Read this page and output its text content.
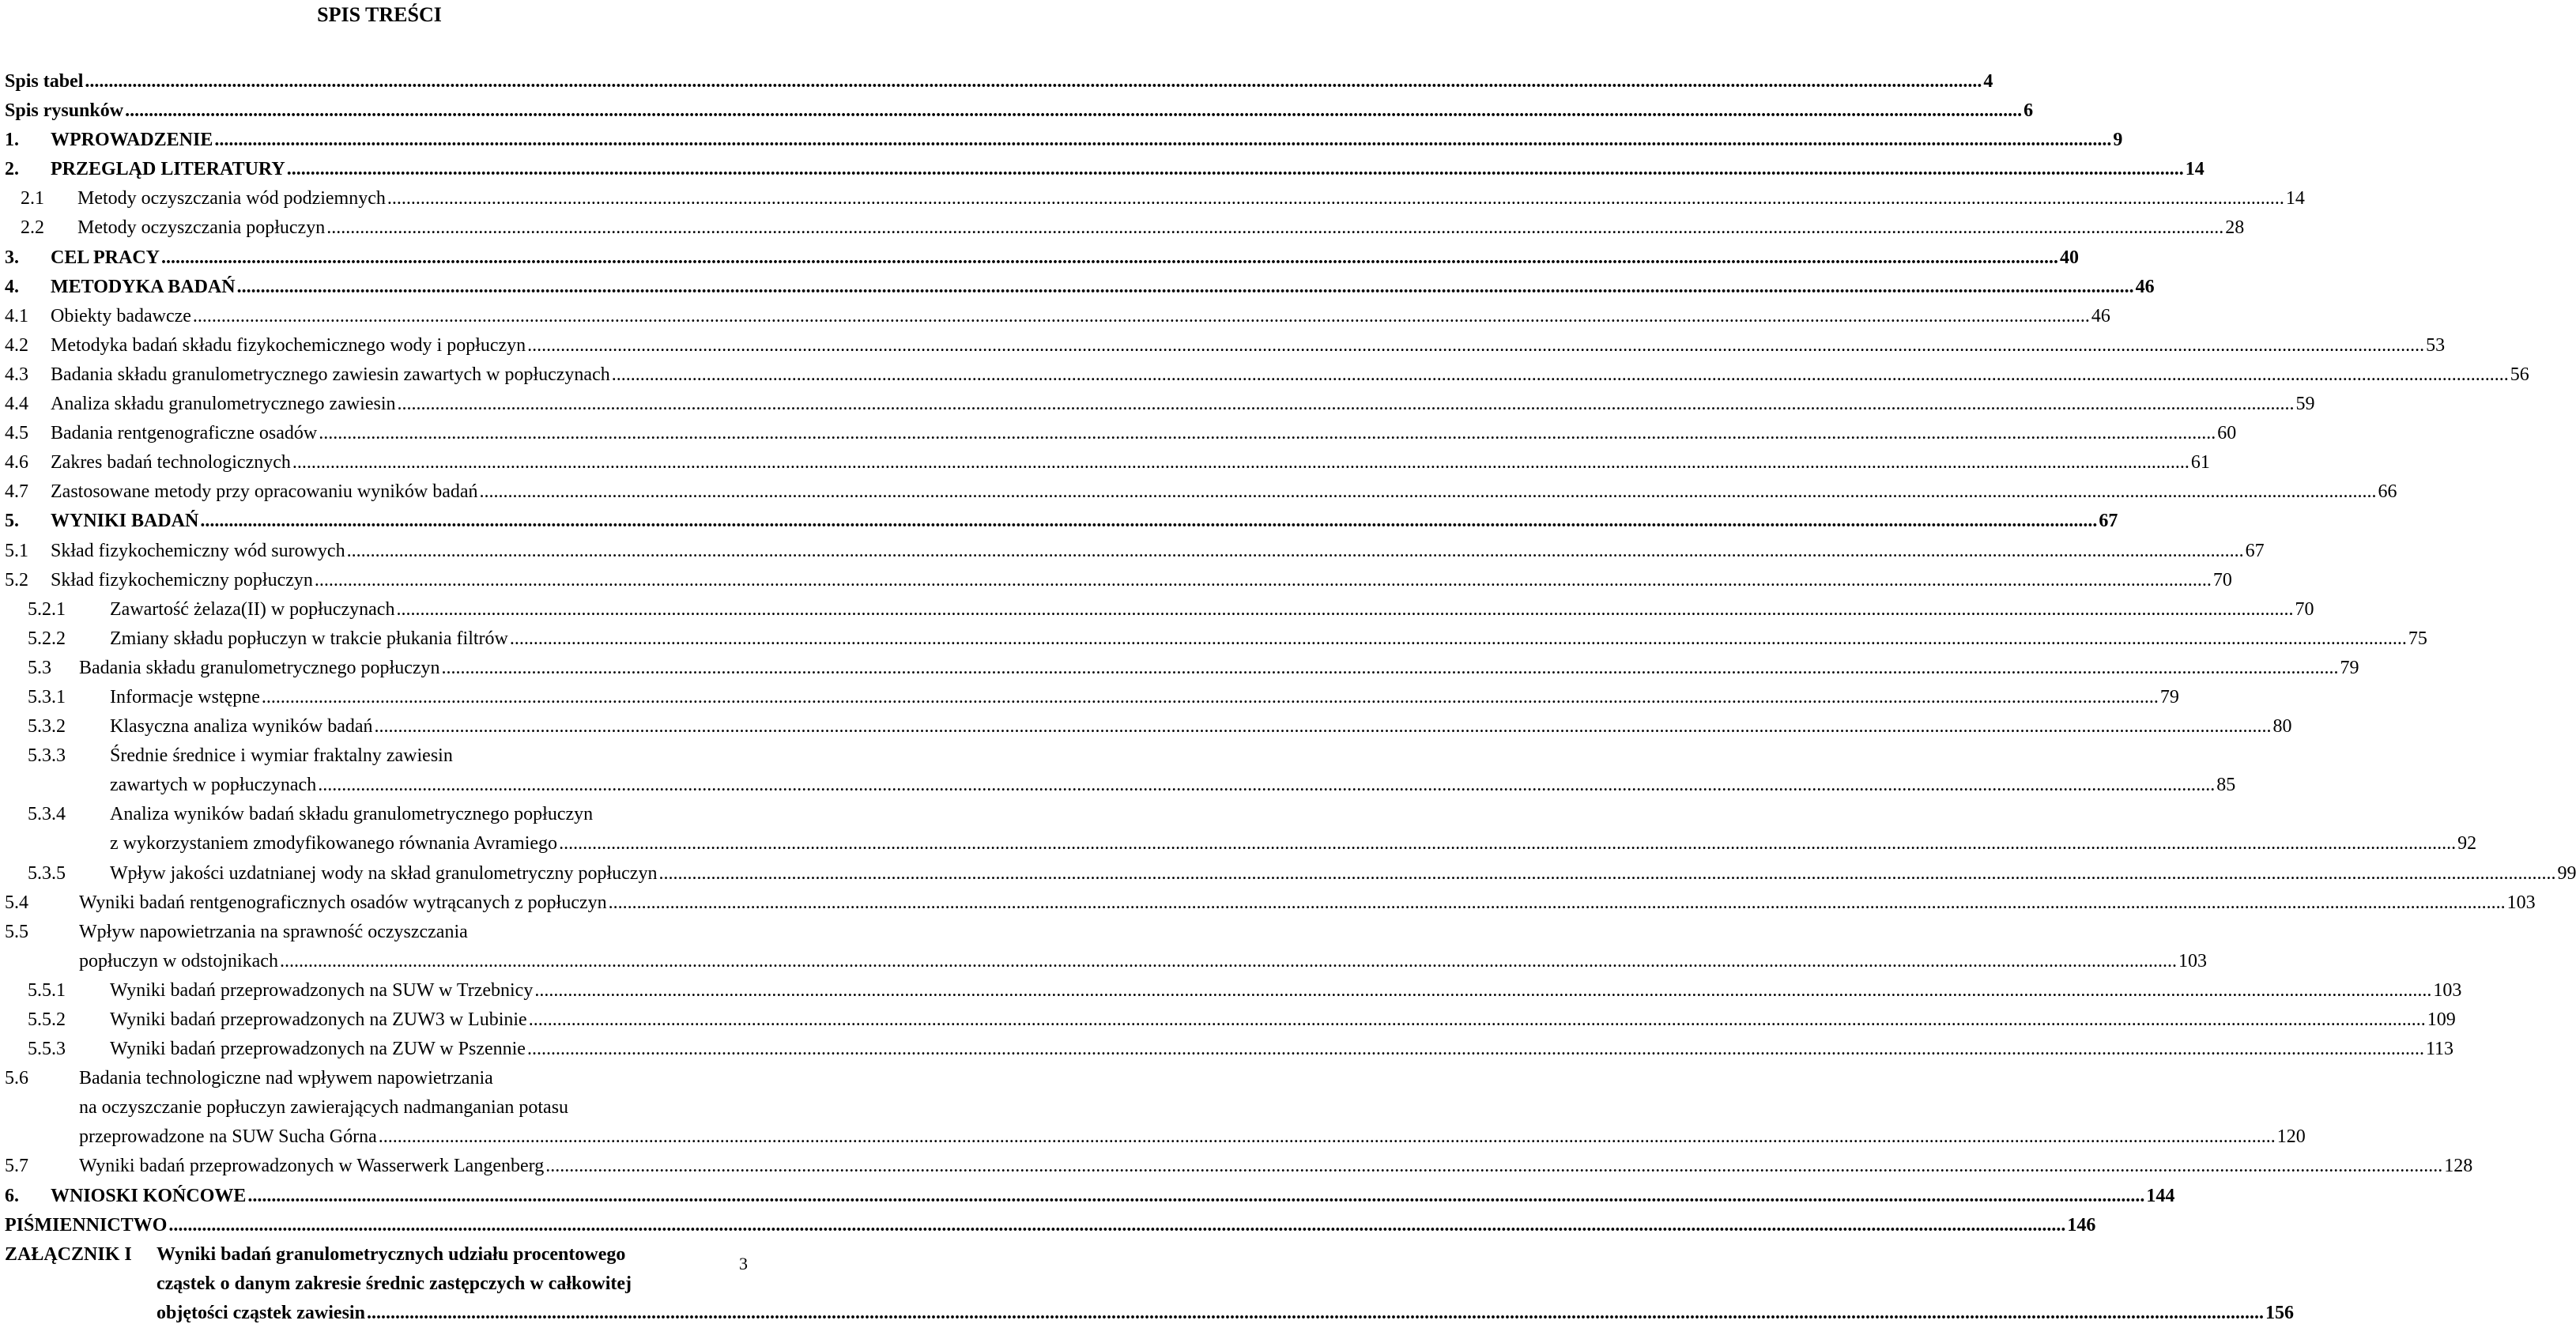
SPIS TREŚCI
Spis tabel ................................................................................................................................................................................................................................................................................................................................................................................................................ 4
Spis rysunków ................................................................................................................................................................................................................................................................................................................................................................................................................ 6
1. WPROWADZENIE ................................................................................................................................................................................................................................................................................................................................................................................................................ 9
2. PRZEGLĄD LITERATURY ................................................................................................................................................................................................................................................................................................................................................................................................................ 14
2.1 Metody oczyszczania wód podziemnych ................................................................................................................................................................................................................................................................................................................................................................................................................ 14
2.2 Metody oczyszczania popłuczyn ................................................................................................................................................................................................................................................................................................................................................................................................................ 28
3. CEL PRACY ................................................................................................................................................................................................................................................................................................................................................................................................................ 40
4. METODYKA BADAŃ ................................................................................................................................................................................................................................................................................................................................................................................................................ 46
4.1 Obiekty badawcze ................................................................................................................................................................................................................................................................................................................................................................................................................ 46
4.2 Metodyka badań składu fizykochemicznego wody i popłuczyn ................................................................................................................................................................................................................................................................................................................................................................................................................ 53
4.3 Badania składu granulometrycznego zawiesin zawartych w popłuczynach ................................................................................................................................................................................................................................................................................................................................................................................................................ 56
4.4 Analiza składu granulometrycznego zawiesin ................................................................................................................................................................................................................................................................................................................................................................................................................ 59
4.5 Badania rentgenograficzne osadów ................................................................................................................................................................................................................................................................................................................................................................................................................ 60
4.6 Zakres badań technologicznych ................................................................................................................................................................................................................................................................................................................................................................................................................ 61
4.7 Zastosowane metody przy opracowaniu wyników badań ................................................................................................................................................................................................................................................................................................................................................................................................................ 66
5. WYNIKI BADAŃ ................................................................................................................................................................................................................................................................................................................................................................................................................ 67
5.1 Skład fizykochemiczny wód surowych ................................................................................................................................................................................................................................................................................................................................................................................................................ 67
5.2 Skład fizykochemiczny popłuczyn ................................................................................................................................................................................................................................................................................................................................................................................................................ 70
5.2.1 Zawartość żelaza(II) w popłuczynach ................................................................................................................................................................................................................................................................................................................................................................................................................ 70
5.2.2 Zmiany składu popłuczyn w trakcie płukania filtrów ................................................................................................................................................................................................................................................................................................................................................................................................................ 75
5.3 Badania składu granulometrycznego popłuczyn ................................................................................................................................................................................................................................................................................................................................................................................................................ 79
5.3.1 Informacje wstępne ................................................................................................................................................................................................................................................................................................................................................................................................................ 79
5.3.2 Klasyczna analiza wyników badań ................................................................................................................................................................................................................................................................................................................................................................................................................ 80
5.3.3 Średnie średnice i wymiar fraktalny zawiesin
zawartych w popłuczynach ................................................................................................................................................................................................................................................................................................................................................................................................................ 85
5.3.4 Analiza wyników badań składu granulometrycznego popłuczyn
z wykorzystaniem zmodyfikowanego równania Avramiego ................................................................................................................................................................................................................................................................................................................................................................................................................ 92
5.3.5 Wpływ jakości uzdatnianej wody na skład granulometryczny popłuczyn ................................................................................................................................................................................................................................................................................................................................................................................................................ 99
5.4	Wyniki badań rentgenograficznych osadów wytrącanych z popłuczyn ................................................................................................................................................................................................................................................................................................................................................................................................................ 103
5.5	Wpływ napowietrzania na sprawność oczyszczania
popłuczyn w odstojnikach ................................................................................................................................................................................................................................................................................................................................................................................................................ 103
5.5.1 Wyniki badań przeprowadzonych na SUW w Trzebnicy ................................................................................................................................................................................................................................................................................................................................................................................................................ 103
5.5.2 Wyniki badań przeprowadzonych na ZUW3 w Lubinie ................................................................................................................................................................................................................................................................................................................................................................................................................ 109
5.5.3 Wyniki badań przeprowadzonych na ZUW w Pszennie ................................................................................................................................................................................................................................................................................................................................................................................................................ 113
5.6	Badania technologiczne nad wpływem napowietrzania
na oczyszczanie popłuczyn zawierających nadmanganian potasu
przeprowadzone na SUW Sucha Górna ................................................................................................................................................................................................................................................................................................................................................................................................................ 120
5.7	Wyniki badań przeprowadzonych w Wasserwerk Langenberg ................................................................................................................................................................................................................................................................................................................................................................................................................ 128
6. WNIOSKI KOŃCOWE ................................................................................................................................................................................................................................................................................................................................................................................................................ 144
PIŚMIENNICTWO ................................................................................................................................................................................................................................................................................................................................................................................................................ 146
ZAŁĄCZNIK I Wyniki badań granulometrycznych udziału procentowego
cząstek o danym zakresie średnic zastępczych w całkowitej
objętości cząstek zawiesin ................................................................................................................................................................................................................................................................................................................................................................................................................ 156
3
